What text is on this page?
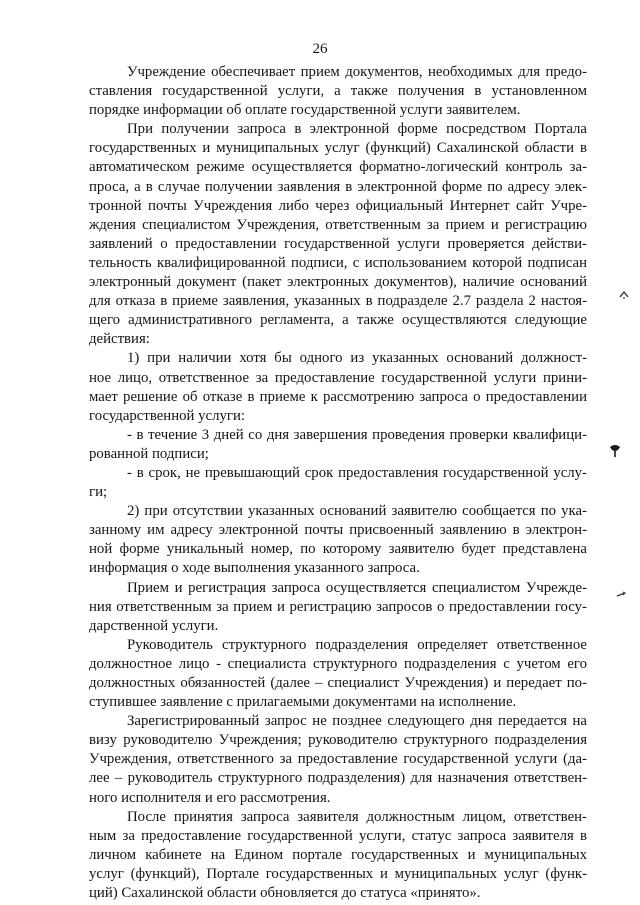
26
Учреждение обеспечивает прием документов, необходимых для предо-
ставления государственной услуги, а также получения в установленном
порядке информации об оплате государственной услуги заявителем.
При получении запроса в электронной форме посредством Портала
государственных и муниципальных услуг (функций) Сахалинской области в
автоматическом режиме осуществляется форматно-логический контроль за-
проса, а в случае получении заявления в электронной форме по адресу элек-
тронной почты Учреждения либо через официальный Интернет сайт Учре-
ждения специалистом Учреждения, ответственным за прием и регистрацию
заявлений о предоставлении государственной услуги проверяется действи-
тельность квалифицированной подписи, с использованием которой подписан
электронный документ (пакет электронных документов), наличие оснований
для отказа в приеме заявления, указанных в подразделе 2.7 раздела 2 настоя-
щего административного регламента, а также осуществляются следующие
действия:
1) при наличии хотя бы одного из указанных оснований должност-
ное лицо, ответственное за предоставление государственной услуги прини-
мает решение об отказе в приеме к рассмотрению запроса о предоставлении
государственной услуги:
- в течение 3 дней со дня завершения проведения проверки квалифици-
рованной подписи;
- в срок, не превышающий срок предоставления государственной услу-
ги;
2) при отсутствии указанных оснований заявителю сообщается по ука-
занному им адресу электронной почты присвоенный заявлению в электрон-
ной форме уникальный номер, по которому заявителю будет представлена
информация о ходе выполнения указанного запроса.
Прием и регистрация запроса осуществляется специалистом Учрежде-
ния ответственным за прием и регистрацию запросов о предоставлении госу-
дарственной услуги.
Руководитель структурного подразделения определяет ответственное
должностное лицо - специалиста структурного подразделения с учетом его
должностных обязанностей (далее – специалист Учреждения) и передает по-
ступившее заявление с прилагаемыми документами на исполнение.
Зарегистрированный запрос не позднее следующего дня передается на
визу руководителю Учреждения; руководителю структурного подразделения
Учреждения, ответственного за предоставление государственной услуги (да-
лее – руководитель структурного подразделения) для назначения ответствен-
ного исполнителя и его рассмотрения.
После принятия запроса заявителя должностным лицом, ответствен-
ным за предоставление государственной услуги, статус запроса заявителя в
личном кабинете на Едином портале государственных и муниципальных
услуг (функций), Портале государственных и муниципальных услуг (функ-
ций) Сахалинской области обновляется до статуса «принято».
